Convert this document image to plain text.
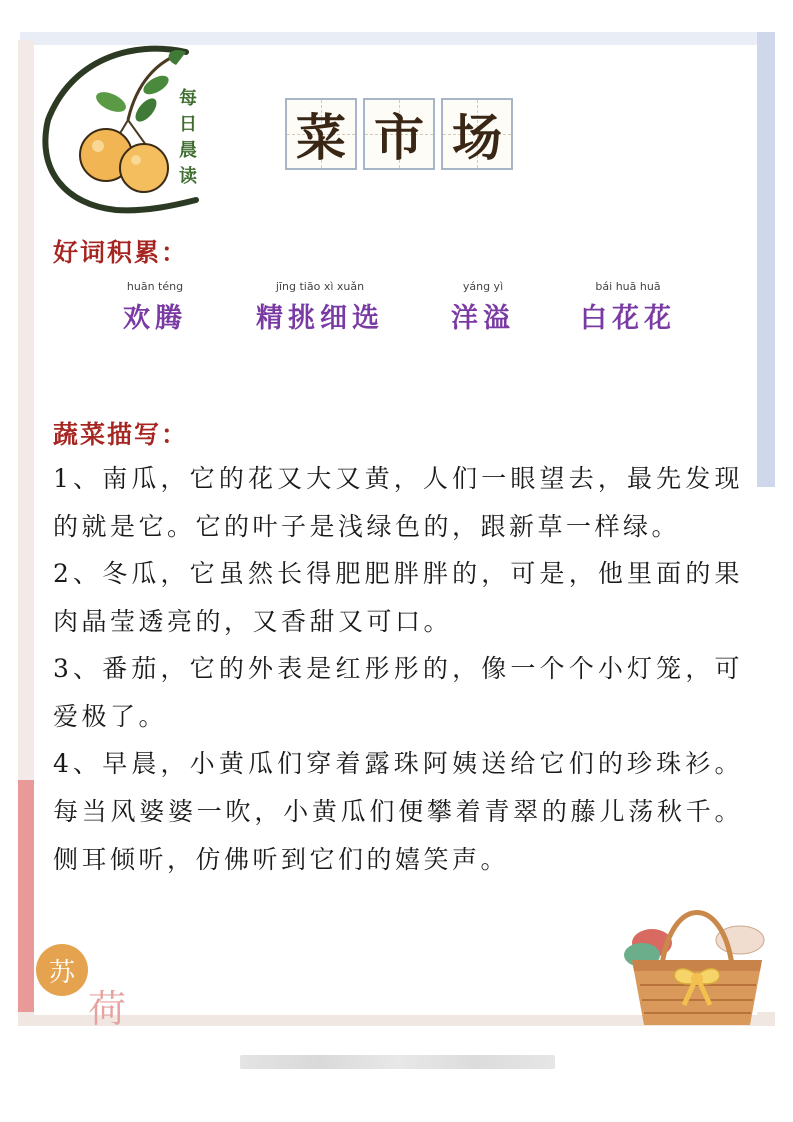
每日晨读
菜 市 场
好词积累：
huān téng
欢腾
jīng tiāo xì xuǎn
精挑细选
yáng yì
洋溢
bái huā huā
白花花
蔬菜描写：

1、南瓜，它的花又大又黄，人们一眼望去，最先发现的就是它。它的叶子是浅绿色的，跟新草一样绿。

2、冬瓜，它虽然长得肥肥胖胖的，可是，他里面的果肉晶莹透亮的，又香甜又可口。

3、番茄，它的外表是红彤彤的，像一个个小灯笼，可爱极了。

4、早晨，小黄瓜们穿着露珠阿姨送给它们的珍珠衫。每当风婆婆一吹，小黄瓜们便攀着青翠的藤儿荡秋千。侧耳倾听，仿佛听到它们的嬉笑声。

苏
荷
